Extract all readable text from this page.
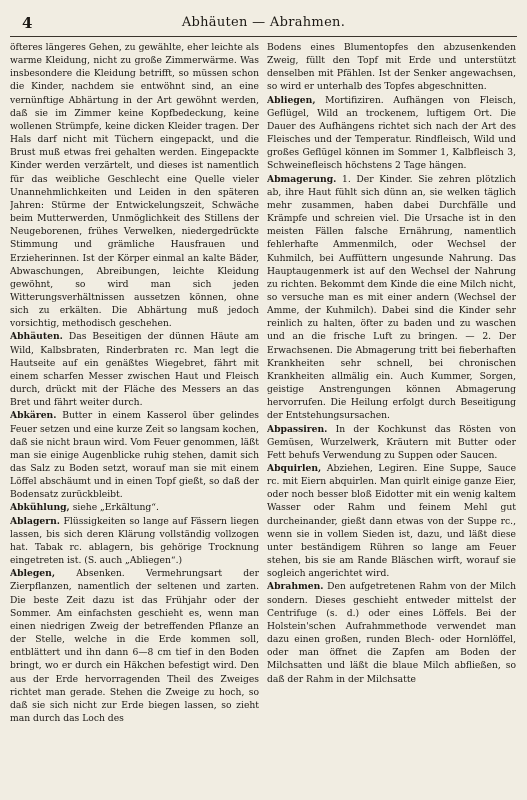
4	Abhäuten — Abrahmen.

öfteres längeres Gehen, zu gewählte, eher leichte als warme Kleidung, nicht zu große Zimmerwärme. Was insbesondere die Kleidung betrifft, so müssen schon die Kinder, nachdem sie entwöhnt sind, an eine vernünftige Abhärtung in der Art gewöhnt werden, daß sie im Zimmer keine Kopfbedeckung, keine wollenen Strümpfe, keine dicken Kleider tragen. Der Hals darf nicht mit Tüchern eingepackt, und die Brust muß etwas frei gehalten werden. Eingepackte Kinder werden verzärtelt, und dieses ist namentlich für das weibliche Geschlecht eine Quelle vieler Unannehmlichkeiten und Leiden in den späteren Jahren: Stürme der Entwickelungszeit, Schwäche beim Mutterwerden, Unmöglichkeit des Stillens der Neugeborenen, frühes Verwelken, niedergedrückte Stimmung und grämliche Hausfrauen und Erzieherinnen. Ist der Körper einmal an kalte Bäder, Abwaschungen, Abreibungen, leichte Kleidung gewöhnt, so wird man sich jeden Witterungsverhältnissen aussetzen können, ohne sich zu erkälten. Die Abhärtung muß jedoch vorsichtig, methodisch geschehen.

Abhäuten. Das Beseitigen der dünnen Häute am Wild, Kalbsbraten, Rinderbraten rc. Man legt die Hautseite auf ein genäßtes Wiegebret, fährt mit einem scharfen Messer zwischen Haut und Fleisch durch, drückt mit der Fläche des Messers an das Bret und fährt weiter durch.

Abkären. Butter in einem Kasserol über gelindes Feuer setzen und eine kurze Zeit so langsam kochen, daß sie nicht braun wird. Vom Feuer genommen, läßt man sie einige Augenblicke ruhig stehen, damit sich das Salz zu Boden setzt, worauf man sie mit einem Löffel abschäumt und in einen Topf gießt, so daß der Bodensatz zurückbleibt.

Abkühlung, siehe „Erkältung“.

Ablagern. Flüssigkeiten so lange auf Fässern liegen lassen, bis sich deren Klärung vollständig vollzogen hat. Tabak rc. ablagern, bis gehörige Trocknung eingetreten ist. (S. auch „Abliegen“.)

Ablegen, Absenken. Vermehrungsart der Zierpflanzen, namentlich der seltenen und zarten. Die beste Zeit dazu ist das Frühjahr oder der Sommer. Am einfachsten geschieht es, wenn man einen niedrigen Zweig der betreffenden Pflanze an der Stelle, welche in die Erde kommen soll, entblättert und ihn dann 6—8 cm tief in den Boden bringt, wo er durch ein Häkchen befestigt wird. Den aus der Erde hervorragenden Theil des Zweiges richtet man gerade. Stehen die Zweige zu hoch, so daß sie sich nicht zur Erde biegen lassen, so zieht man durch das Loch des

Bodens eines Blumentopfes den abzusenkenden Zweig, füllt den Topf mit Erde und unterstützt denselben mit Pfählen. Ist der Senker angewachsen, so wird er unterhalb des Topfes abgeschnitten.

Abliegen, Mortifiziren. Aufhängen von Fleisch, Geflügel, Wild an trockenem, luftigem Ort. Die Dauer des Aufhängens richtet sich nach der Art des Fleisches und der Temperatur. Rindfleisch, Wild und großes Geflügel können im Sommer 1, Kalbfleisch 3, Schweinefleisch höchstens 2 Tage hängen.

Abmagerung. 1. Der Kinder. Sie zehren plötzlich ab, ihre Haut fühlt sich dünn an, sie welken täglich mehr zusammen, haben dabei Durchfälle und Krämpfe und schreien viel. Die Ursache ist in den meisten Fällen falsche Ernährung, namentlich fehlerhafte Ammenmilch, oder Wechsel der Kuhmilch, bei Auffüttern ungesunde Nahrung. Das Hauptaugenmerk ist auf den Wechsel der Nahrung zu richten. Bekommt dem Kinde die eine Milch nicht, so versuche man es mit einer andern (Wechsel der Amme, der Kuhmilch). Dabei sind die Kinder sehr reinlich zu halten, öfter zu baden und zu waschen und an die frische Luft zu bringen. — 2. Der Erwachsenen. Die Abmagerung tritt bei fieberhaften Krankheiten sehr schnell, bei chronischen Krankheiten allmälig ein. Auch Kummer, Sorgen, geistige Anstrengungen können Abmagerung hervorrufen. Die Heilung erfolgt durch Beseitigung der Entstehungsursachen.

Abpassiren. In der Kochkunst das Rösten von Gemüsen, Wurzelwerk, Kräutern mit Butter oder Fett behufs Verwendung zu Suppen oder Saucen.

Abquirlen, Abziehen, Legiren. Eine Suppe, Sauce rc. mit Eiern abquirlen. Man quirlt einige ganze Eier, oder noch besser bloß Eidotter mit ein wenig kaltem Wasser oder Rahm und feinem Mehl gut durcheinander, gießt dann etwas von der Suppe rc., wenn sie in vollem Sieden ist, dazu, und läßt diese unter beständigem Rühren so lange am Feuer stehen, bis sie am Rande Bläschen wirft, worauf sie sogleich angerichtet wird.

Abrahmen. Den aufgetretenen Rahm von der Milch sondern. Dieses geschieht entweder mittelst der Centrifuge (s. d.) oder eines Löffels. Bei der Holstein'schen Aufrahmmethode verwendet man dazu einen großen, runden Blech- oder Hornlöffel, oder man öffnet die Zapfen am Boden der Milchsatten und läßt die blaue Milch abfließen, so daß der Rahm in der Milchsatte
